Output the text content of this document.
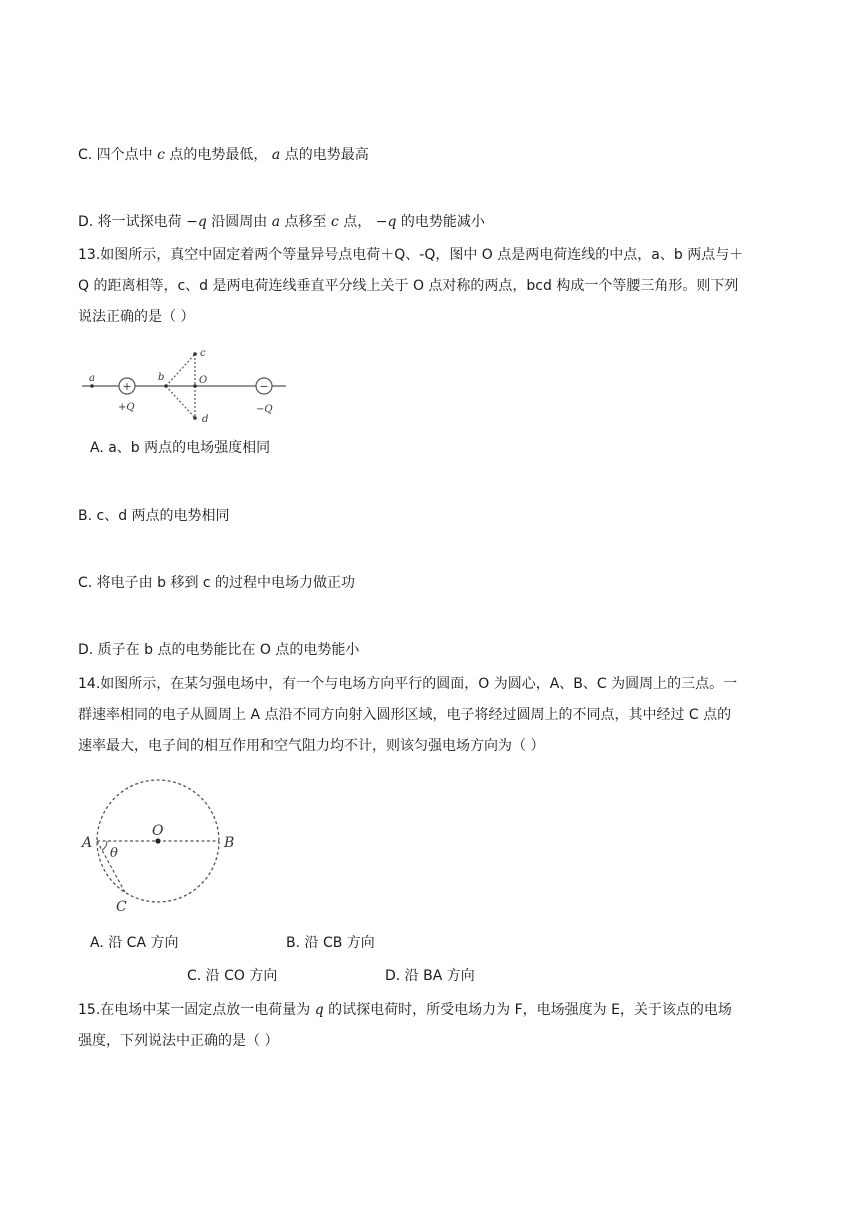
C. 四个点中 c 点的电势最低， a 点的电势最高
D. 将一试探电荷 −q 沿圆周由 a 点移至 c 点， −q 的电势能减小
13.如图所示，真空中固定着两个等量异号点电荷＋Q、-Q，图中 O 点是两电荷连线的中点，a、b 两点与＋
Q 的距离相等，c、d 是两电荷连线垂直平分线上关于 O 点对称的两点，bcd 构成一个等腰三角形。则下列
说法正确的是（ ）
+	−
a	b	O
c
d
+Q	−Q
A. a、b 两点的电场强度相同
B. c、d 两点的电势相同
C. 将电子由 b 移到 c 的过程中电场力做正功
D. 质子在 b 点的电势能比在 O 点的电势能小
14.如图所示，在某匀强电场中，有一个与电场方向平行的圆面，O 为圆心，A、B、C 为圆周上的三点。一
群速率相同的电子从圆周上 A 点沿不同方向射入圆形区域，电子将经过圆周上的不同点，其中经过 C 点的
速率最大，电子间的相互作用和空气阻力均不计，则该匀强电场方向为（ ）
O
A	B
C
θ
A. 沿 CA 方向	B. 沿 CB 方向
C. 沿 CO 方向	D. 沿 BA 方向
15.在电场中某一固定点放一电荷量为 q 的试探电荷时，所受电场力为 F，电场强度为 E，关于该点的电场
强度，下列说法中正确的是（ ）
